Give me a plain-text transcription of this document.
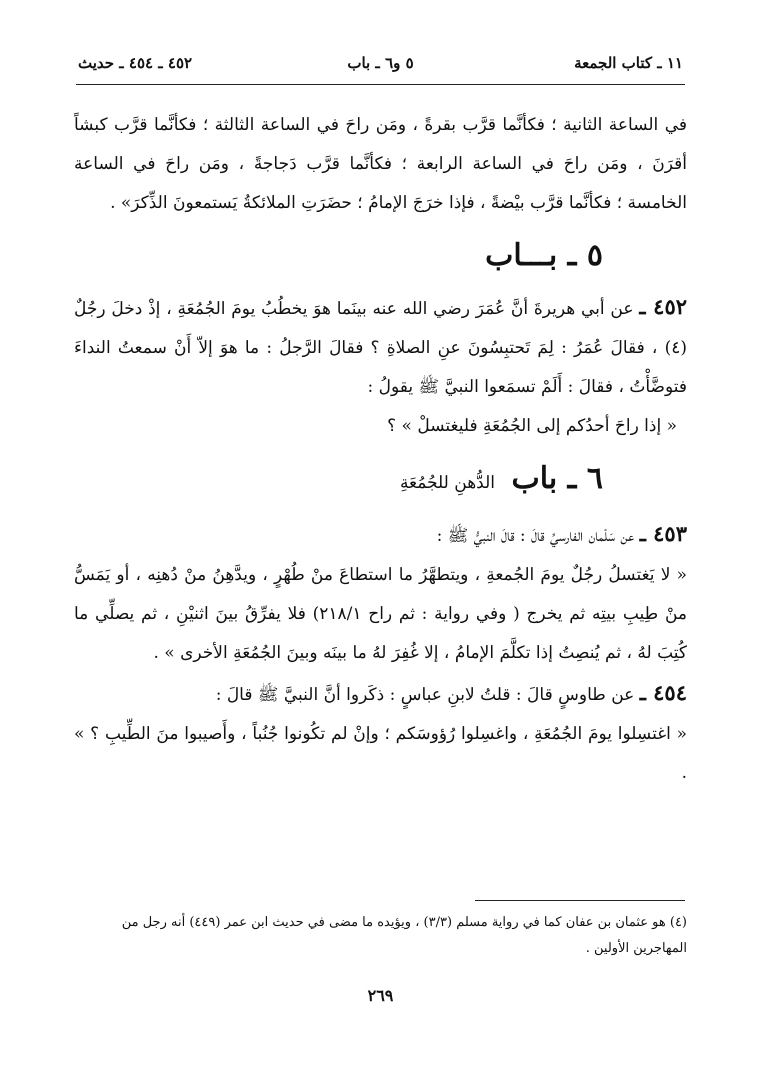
١١ ـ كتاب الجمعة
٥ و٦ ـ باب
٤٥٢ ـ ٤٥٤ ـ حديث

في الساعة الثانية ؛ فكأنَّما قرَّب بقرةً ، ومَن راحَ في الساعة الثالثة ؛ فكأنَّما قرَّب كبشاً أقرَنَ ، ومَن راحَ في الساعة الرابعة ؛ فكأنَّما قرَّب دَجاجةً ، ومَن راحَ في الساعة الخامسة ؛ فكأنَّما قرَّب بيْضةً ، فإذا خرَجَ الإمامُ ؛ حضَرَتِ الملائكةُ يَستمعونَ الذِّكرَ» .

٥ ـ بـــاب

٤٥٢ ـ عن أبي هريرةَ أنَّ عُمَرَ رضي الله عنه بينَما هوَ يخطُبُ يومَ الجُمُعَةِ ، إذْ دخلَ رجُلٌ (٤) ، فقالَ عُمَرُ : لِمَ تَحتبِسُونَ عنِ الصلاةِ ؟ فقالَ الرَّجلُ : ما هوَ إلاّ أَنْ سمعتُ النداءَ فتوضَّأْتُ ، فقالَ : أَلَمْ تسمَعوا النبيَّ ﷺ يقولُ :

« إذا راحَ أحدُكم إلى الجُمُعَةِ فليغتسلْ » ؟

٦ ـ باب الدُّهنِ للجُمُعَةِ

٤٥٣ ـ عن سَلْمان الفارسيِّ قالَ : قالَ النبيُّ ﷺ :

« لا يَغتسلُ رجُلٌ يومَ الجُمعةِ ، ويتطهَّرُ ما استطاعَ منْ طُهْرٍ ، ويدَّهِنُ منْ دُهنِه ، أو يَمَسُّ منْ طِيبِ بيتِه ثم يخرج ( وفي رواية : ثم راح ٢١٨/١) فلا يفرِّقُ بينَ اثنيْنِ ، ثم يصلِّي ما كُتِبَ لهُ ، ثم يُنصِتُ إذا تكلَّمَ الإمامُ ، إلا غُفِرَ لهُ ما بينَه وبينَ الجُمُعَةِ الأخرى » .

٤٥٤ ـ عن طاوسٍ قالَ : قلتُ لابنِ عباسٍ : ذكَروا أنَّ النبيَّ ﷺ قالَ :

« اغتسِلوا يومَ الجُمُعَةِ ، واغسِلوا رُؤوسَكم ؛ وإنْ لم تكُونوا جُنُباً ، وأَصيبوا منَ الطِّيبِ ؟ » .

(٤) هو عثمان بن عفان كما في رواية مسلم (٣/٣) ، ويؤيده ما مضى في حديث ابن عمر (٤٤٩) أنه رجل من المهاجرين الأولين .
٢٦٩
